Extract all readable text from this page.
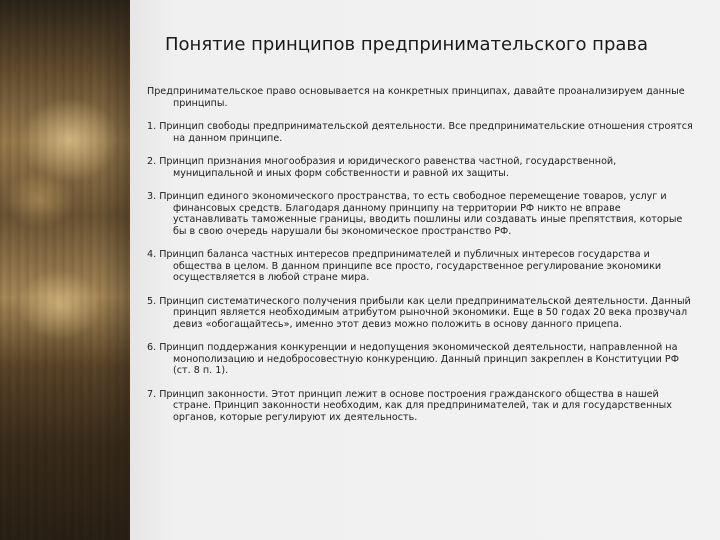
Понятие принципов предпринимательского права

Предпринимательское право основывается на конкретных принципах, давайте проанализируем данные принципы.

1. Принцип свободы предпринимательской деятельности. Все предпринимательские отношения строятся на данном принципе.

2. Принцип признания многообразия и юридического равенства частной, государственной, муниципальной и иных форм собственности и равной их защиты.

3. Принцип единого экономического пространства, то есть свободное перемещение товаров, услуг и финансовых средств. Благодаря данному принципу на территории РФ никто не вправе устанавливать таможенные границы, вводить пошлины или создавать иные препятствия, которые бы в свою очередь нарушали бы экономическое пространство РФ.

4. Принцип баланса частных интересов предпринимателей и публичных интересов государства и общества в целом. В данном принципе все просто, государственное регулирование экономики осуществляется в любой стране мира.

5. Принцип систематического получения прибыли как цели предпринимательской деятельности. Данный принцип является необходимым атрибутом рыночной экономики. Еще в 50 годах 20 века прозвучал девиз «обогащайтесь», именно этот девиз можно положить в основу данного прицепа.

6. Принцип поддержания конкуренции и недопущения экономической деятельности, направленной на монополизацию и недобросовестную конкуренцию. Данный принцип закреплен в Конституции РФ (ст. 8 п. 1).

7. Принцип законности. Этот принцип лежит в основе построения гражданского общества в нашей стране. Принцип законности необходим, как для предпринимателей, так и для государственных органов, которые регулируют их деятельность.
